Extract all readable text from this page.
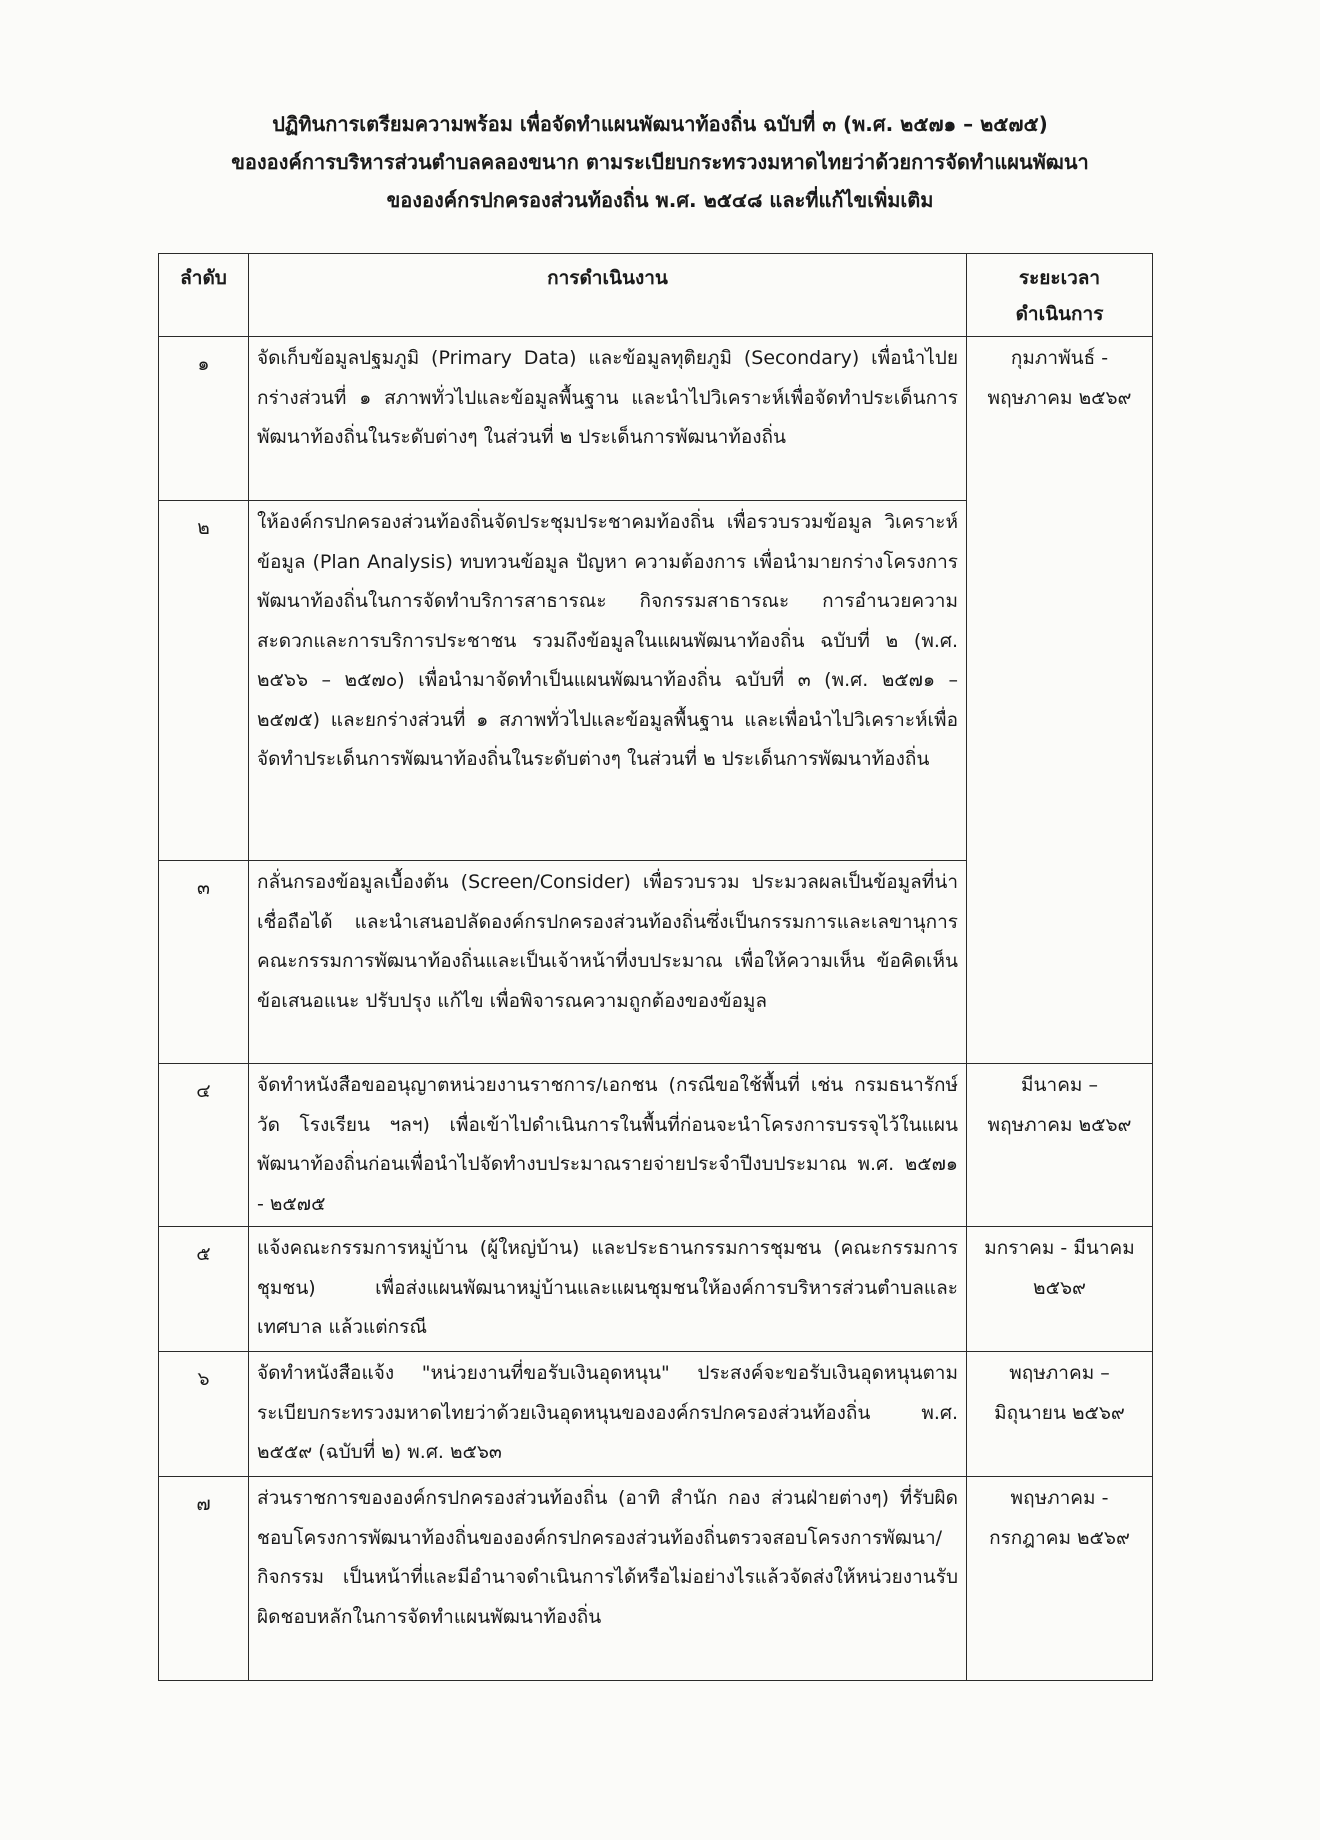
ปฏิทินการเตรียมความพร้อม เพื่อจัดทำแผนพัฒนาท้องถิ่น ฉบับที่ ๓ (พ.ศ. ๒๕๗๑ – ๒๕๗๕)
ขององค์การบริหารส่วนตำบลคลองขนาก ตามระเบียบกระทรวงมหาดไทยว่าด้วยการจัดทำแผนพัฒนา
ขององค์กรปกครองส่วนท้องถิ่น พ.ศ. ๒๕๔๘ และที่แก้ไขเพิ่มเติม
ลำดับ	การดำเนินงาน	ระยะเวลา
ดำเนินการ

๑	จัดเก็บข้อมูลปฐมภูมิ (Primary Data) และข้อมูลทุติยภูมิ (Secondary) เพื่อนำไปยกร่างส่วนที่ ๑ สภาพทั่วไปและข้อมูลพื้นฐาน และนำไปวิเคราะห์เพื่อจัดทำประเด็นการพัฒนาท้องถิ่นในระดับต่างๆ ในส่วนที่ ๒ ประเด็นการพัฒนาท้องถิ่น	กุมภาพันธ์ -
พฤษภาคม ๒๕๖๙

๒	ให้องค์กรปกครองส่วนท้องถิ่นจัดประชุมประชาคมท้องถิ่น เพื่อรวบรวมข้อมูล วิเคราะห์ข้อมูล (Plan Analysis) ทบทวนข้อมูล ปัญหา ความต้องการ เพื่อนำมายกร่างโครงการพัฒนาท้องถิ่นในการจัดทำบริการสาธารณะ กิจกรรมสาธารณะ การอำนวยความสะดวกและการบริการประชาชน รวมถึงข้อมูลในแผนพัฒนาท้องถิ่น ฉบับที่ ๒ (พ.ศ. ๒๕๖๖ – ๒๕๗๐) เพื่อนำมาจัดทำเป็นแผนพัฒนาท้องถิ่น ฉบับที่ ๓ (พ.ศ. ๒๕๗๑ – ๒๕๗๕) และยกร่างส่วนที่ ๑ สภาพทั่วไปและข้อมูลพื้นฐาน และเพื่อนำไปวิเคราะห์เพื่อจัดทำประเด็นการพัฒนาท้องถิ่นในระดับต่างๆ ในส่วนที่ ๒ ประเด็นการพัฒนาท้องถิ่น	
๓	กลั่นกรองข้อมูลเบื้องต้น (Screen/Consider) เพื่อรวบรวม ประมวลผลเป็นข้อมูลที่น่าเชื่อถือได้ และนำเสนอปลัดองค์กรปกครองส่วนท้องถิ่นซึ่งเป็นกรรมการและเลขานุการคณะกรรมการพัฒนาท้องถิ่นและเป็นเจ้าหน้าที่งบประมาณ เพื่อให้ความเห็น ข้อคิดเห็น ข้อเสนอแนะ ปรับปรุง แก้ไข เพื่อพิจารณความถูกต้องของข้อมูล	
๔	จัดทำหนังสือขออนุญาตหน่วยงานราชการ/เอกชน (กรณีขอใช้พื้นที่ เช่น กรมธนารักษ์ วัด โรงเรียน ฯลฯ) เพื่อเข้าไปดำเนินการในพื้นที่ก่อนจะนำโครงการบรรจุไว้ในแผนพัฒนาท้องถิ่นก่อนเพื่อนำไปจัดทำงบประมาณรายจ่ายประจำปีงบประมาณ พ.ศ. ๒๕๗๑ - ๒๕๗๕	มีนาคม –
พฤษภาคม ๒๕๖๙

๕	แจ้งคณะกรรมการหมู่บ้าน (ผู้ใหญ่บ้าน) และประธานกรรมการชุมชน (คณะกรรมการชุมชน) เพื่อส่งแผนพัฒนาหมู่บ้านและแผนชุมชนให้องค์การบริหารส่วนตำบลและเทศบาล แล้วแต่กรณี	มกราคม - มีนาคม
๒๕๖๙

๖	จัดทำหนังสือแจ้ง "หน่วยงานที่ขอรับเงินอุดหนุน" ประสงค์จะขอรับเงินอุดหนุนตามระเบียบกระทรวงมหาดไทยว่าด้วยเงินอุดหนุนขององค์กรปกครองส่วนท้องถิ่น พ.ศ. ๒๕๕๙ (ฉบับที่ ๒) พ.ศ. ๒๕๖๓	พฤษภาคม –
มิถุนายน ๒๕๖๙

๗	ส่วนราชการขององค์กรปกครองส่วนท้องถิ่น (อาทิ สำนัก กอง ส่วนฝ่ายต่างๆ) ที่รับผิดชอบโครงการพัฒนาท้องถิ่นขององค์กรปกครองส่วนท้องถิ่นตรวจสอบโครงการพัฒนา/กิจกรรม เป็นหน้าที่และมีอำนาจดำเนินการได้หรือไม่อย่างไรแล้วจัดส่งให้หน่วยงานรับผิดชอบหลักในการจัดทำแผนพัฒนาท้องถิ่น	พฤษภาคม -
กรกฎาคม ๒๕๖๙
